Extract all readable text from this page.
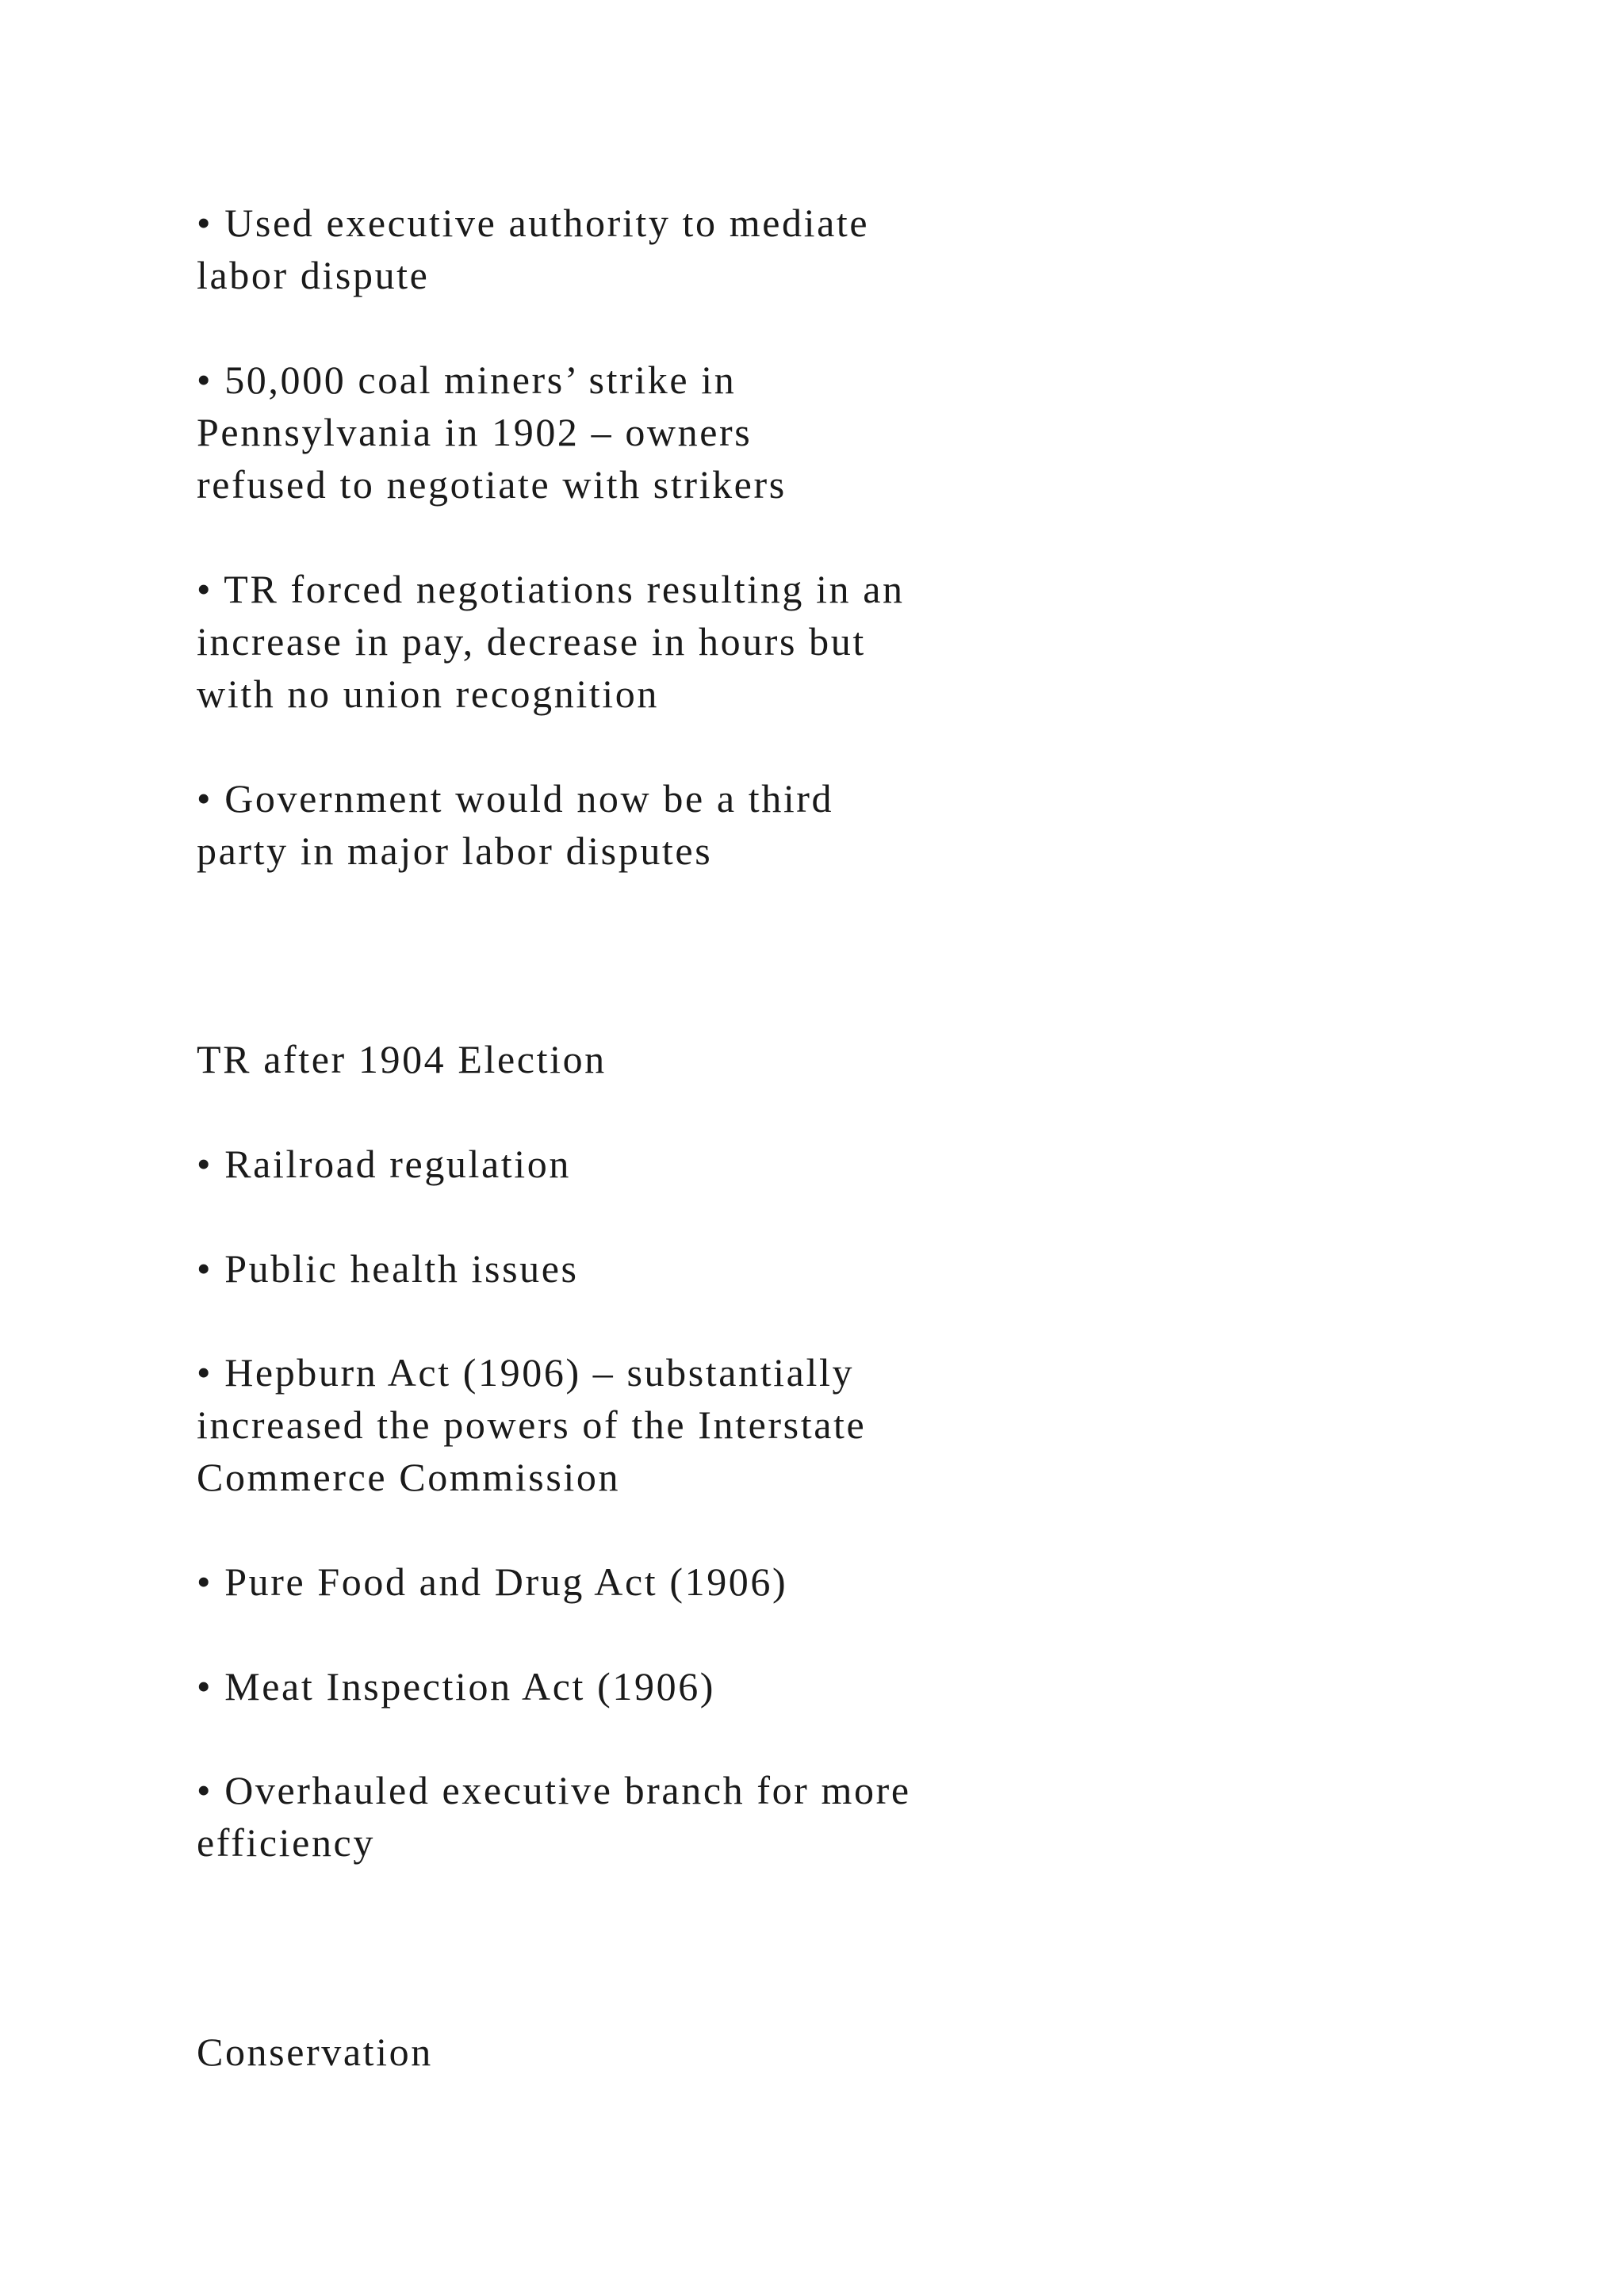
• Used executive authority to mediate

labor dispute

• 50,000 coal miners’ strike in

Pennsylvania in 1902 – owners

refused to negotiate with strikers

• TR forced negotiations resulting in an

increase in pay, decrease in hours but

with no union recognition

• Government would now be a third

party in major labor disputes

TR after 1904 Election

• Railroad regulation

• Public health issues

• Hepburn Act (1906) – substantially

increased the powers of the Interstate

Commerce Commission

• Pure Food and Drug Act (1906)

• Meat Inspection Act (1906)

• Overhauled executive branch for more

efficiency

Conservation
